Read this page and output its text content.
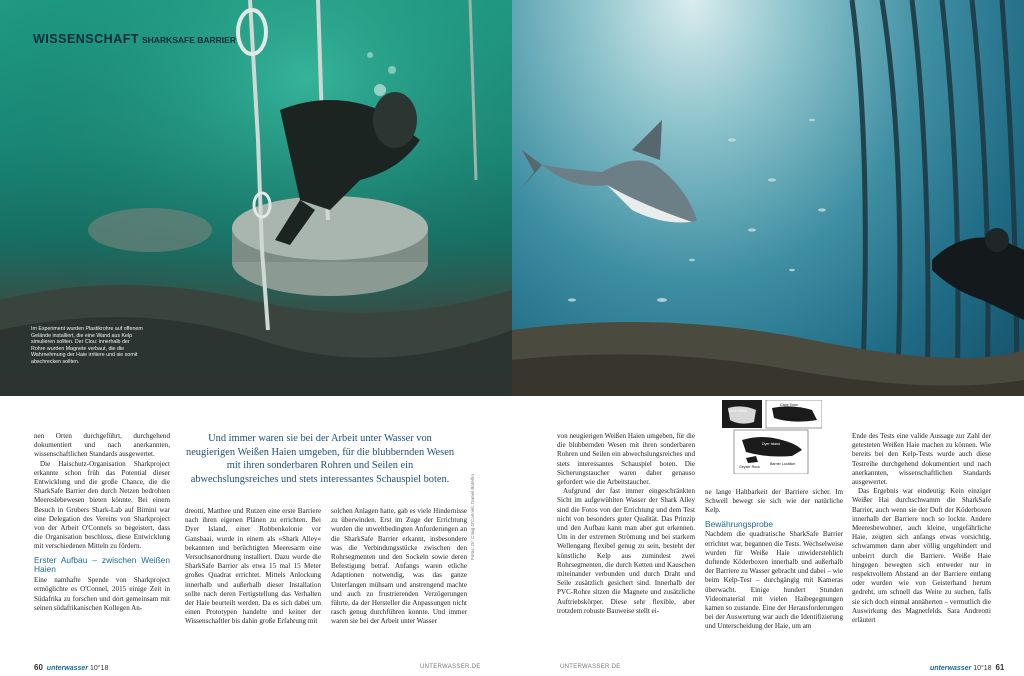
WISSENSCHAFT SHARKSAFE BARRIER
Im Experiment wurden Plastikrohre auf offenem Gelände installiert, die eine Wand aus Kelp simulieren sollten. Der Clou: innerhalb der Rohre wurden Magnete verbaut, die die Wahrnehmung der Haie irritiere und sie somit abschrecken sollten.

nen Orten durchgeführt, durchgehend dokumentiert und nach anerkannten, wissenschaftlichen Standards ausgewertet.

Die Haischutz-Organisation Sharkproject erkannte schon früh das Potential dieser Entwicklung und die große Chance, die die SharkSafe Barrier den durch Netzen bedrohten Meereslebewesen bieten könnte. Bei einem Besuch in Grubers Shark-Lab auf Bimini war eine Delegation des Vereins von Sharkproject von der Arbeit O'Connels so begeistert, dass die Organisation beschloss, diese Entwicklung mit verschiedenen Mitteln zu fördern.

Erster Aufbau – zwischen Weißen Haien

Eine namhafte Spende von Sharkproject ermöglichte es O'Connel, 2015 einige Zeit in Südafrika zu forschen und dort gemeinsam mit seinen südafrikanischen Kollegen An-

Und immer waren sie bei der Arbeit unter Wasser von neugierigen Weißen Haien umgeben, für die blubbernden Wesen mit ihren sonderbaren Rohren und Seilen ein abwechslungsreiches und stets interessantes Schauspiel boten.

dreotti, Matthee und Rutzen eine erste Barriere nach ihren eigenen Plänen zu errichten. Bei Dyer Island, einer Robbenkolonie vor Gansbaai, wurde in einem als »Shark Alley« bekannten und berüchtigten Meeresarm eine Versuchsanordnung installiert. Dazu wurde die SharkSafe Barrier als etwa 15 mal 15 Meter großes Quadrat errichtet. Mittels Anlockung innerhalb und außerhalb dieser Installation sollte nach deren Fertigstellung das Verhalten der Haie beurteilt werden. Da es sich dabei um einen Prototypen handelte und keiner der Wissenschaftler bis dahin große Erfahrung mit

solchen Anlagen hatte, gab es viele Hindernisse zu überwinden. Erst im Zuge der Errichtung wurden die unweltbedingten Anforderungen an die SharkSafe Barrier erkannt, insbesondere was die Verbindungsstücke zwischen den Rohrsegmenten und den Sockeln sowie deren Befestigung betraf. Anfangs waren etliche Adaptionen notwendig, was das ganze Unterfangen mühsam und anstrengend machte und auch zu frustrierenden Verzögerungen führte, da der Hersteller die Anpassungen nicht rasch genug durchführen konnte. Und immer waren sie bei der Arbeit unter Wasser

Fotos: Dr. Craig O'Connell, Daniel Botelho

von neugierigen Weißen Haien umgeben, für die die blubbernden Wesen mit ihren sonderbaren Rohren und Seilen ein abwechslungsreiches und stets interessantes Schauspiel boten. Die Sicherungstaucher waren daher genauso gefordert wie die Arbeitstaucher.

Aufgrund der fast immer eingeschränkten Sicht im aufgewühlten Wasser der Shark Alley sind die Fotos von der Errichtung und dem Test nicht von besonders guter Qualität. Das Prinzip und den Aufbau kann man aber gut erkennen. Um in der extremen Strömung und bei starkem Wellengang flexibel genug zu sein, besteht der künstliche Kelp aus zumindest zwei Rohrsegmenten, die durch Ketten und Kauschen miteinander verbunden und durch Draht und Seile zusätzlich gesichert sind. Innerhalb der PVC-Rohre sitzen die Magnete und zusätzliche Auftriebskörper. Diese sehr flexible, aber trotzdem robuste Bauweise stellt ei-

South Africa
Cape Town
Seal Island
Dyer Island
Geyser Rock
Barrier Location

ne lange Haltbarkeit der Barriere sicher. Im Schwell bewegt sie sich wie der natürliche Kelp.

Bewährungsprobe

Nachdem die quadratische SharkSafe Barrier errichtet war, begannen die Tests. Wechselweise wurden für Weiße Haie unwiderstehlich duftende Köderboxen innerhalb und außerhalb der Barriere zu Wasser gebracht und dabei – wie beim Kelp-Test – durchgängig mit Kameras überwacht. Einige hundert Stunden Videomaterial mit vielen Haibegegnungen kamen so zustande. Eine der Herausforderungen bei der Auswertung war auch die Identifizierung und Unterscheidung der Haie, um am

Ende des Tests eine valide Aussage zur Zahl der getesteten Weißen Haie machen zu können. Wie bereits bei den Kelp-Tests wurde auch diese Testreihe durchgehend dokumentiert und nach anerkannten, wissenschaftlichen Standards ausgewertet.

Das Ergebnis war eindeutig: Kein einziger Weißer Hai durchschwamm die SharkSafe Barrier, auch wenn sie der Duft der Köderboxen innerhalb der Barriere noch so lockte. Andere Meeresbewohner, auch kleine, ungefährliche Haie, zeigten sich anfangs etwas vorsichtig, schwammen dann aber völlig ungehindert und unbeirrt durch die Barriere. Weiße Haie hingegen bewegten sich entweder nur in respektvollem Abstand an der Barriere entlang oder wurden wie von Geisterhand herum gedreht, um schnell das Weite zu suchen, falls sie sich doch einmal annäherten – vermutlich die Auswirkung des Magnetfelds. Sara Andreotti erläutert

60 unterwasser 10°18	UNTERWASSER.DE	UNTERWASSER.DE	unterwasser 10°18 61
